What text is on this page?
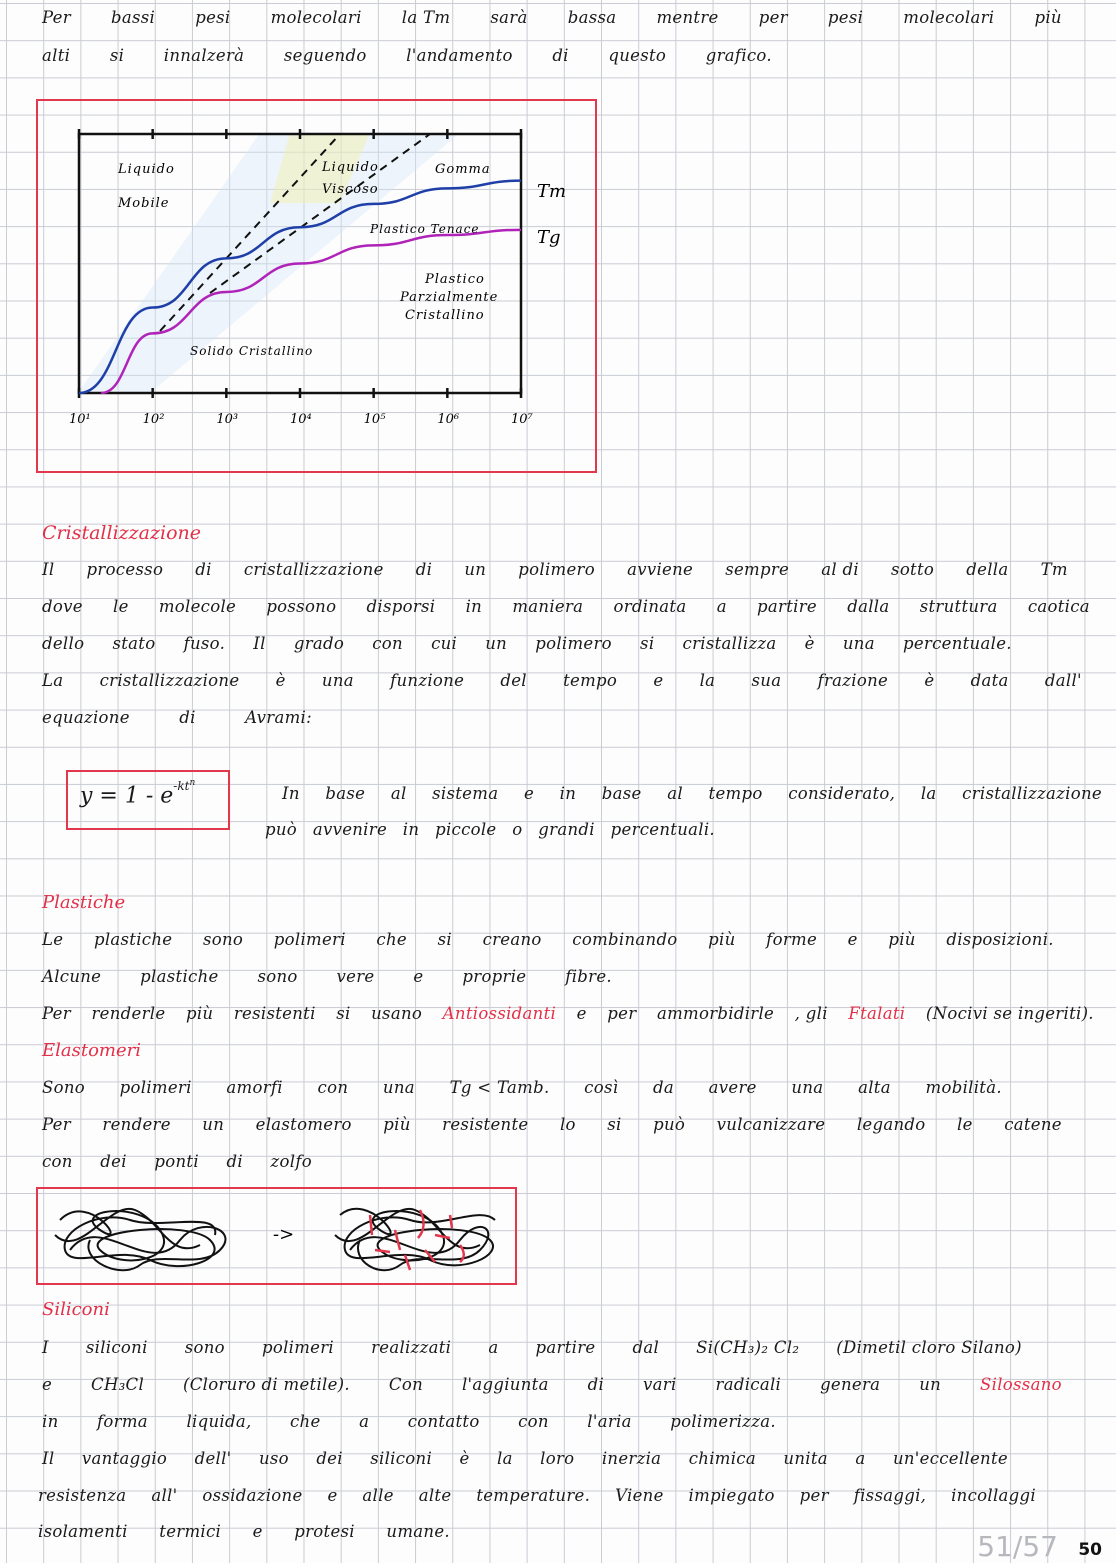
Per bassi pesi molecolari la Tm sarà bassa mentre per pesi molecolari più
alti si innalzerà seguendo l'andamento di questo grafico.
10¹	10²	10³	10⁴	10⁵	10⁶	10⁷
Liquido
Mobile
Liquido
Viscoso
Gomma
Plastico Tenace
Plastico
Parzialmente
Cristallino
Solido Cristallino
Tm
Tg
Cristallizzazione
Il processo di cristallizzazione di un polimero avviene sempre al di sotto della Tm
dove le molecole possono disporsi in maniera ordinata a partire dalla struttura caotica
dello stato fuso. Il grado con cui un polimero si cristallizza è una percentuale.
La cristallizzazione è una funzione del tempo e la sua frazione è data dall'
equazione	di	Avrami:
$y = 1 - e^{-kt^n}$
In base al sistema e in base al tempo considerato, la cristallizzazione
può avvenire in piccole o grandi percentuali.
Plastiche
Le plastiche sono polimeri che si creano combinando più forme e più disposizioni.
Alcune plastiche sono vere e proprie fibre.
Per renderle più resistenti si usano Antiossidanti e per ammorbidirle , gli Ftalati (Nocivi se ingeriti).
Elastomeri
Sono polimeri amorfi con una Tg < Tamb. così da avere una alta mobilità.
Per rendere un elastomero più resistente lo si può vulcanizzare legando le catene
con dei ponti di zolfo
->
Siliconi
I siliconi sono polimeri realizzati a partire dal Si(CH₃)₂ Cl₂ (Dimetil cloro Silano)
e CH₃Cl (Cloruro di metile). Con l'aggiunta di vari radicali genera un Silossano
in forma liquida, che a contatto con l'aria polimerizza.
Il vantaggio dell' uso dei siliconi è la loro inerzia chimica unita a un'eccellente
resistenza all' ossidazione e alle alte temperature. Viene impiegato per fissaggi, incollaggi
isolamenti termici e protesi umane.	51/57 50
